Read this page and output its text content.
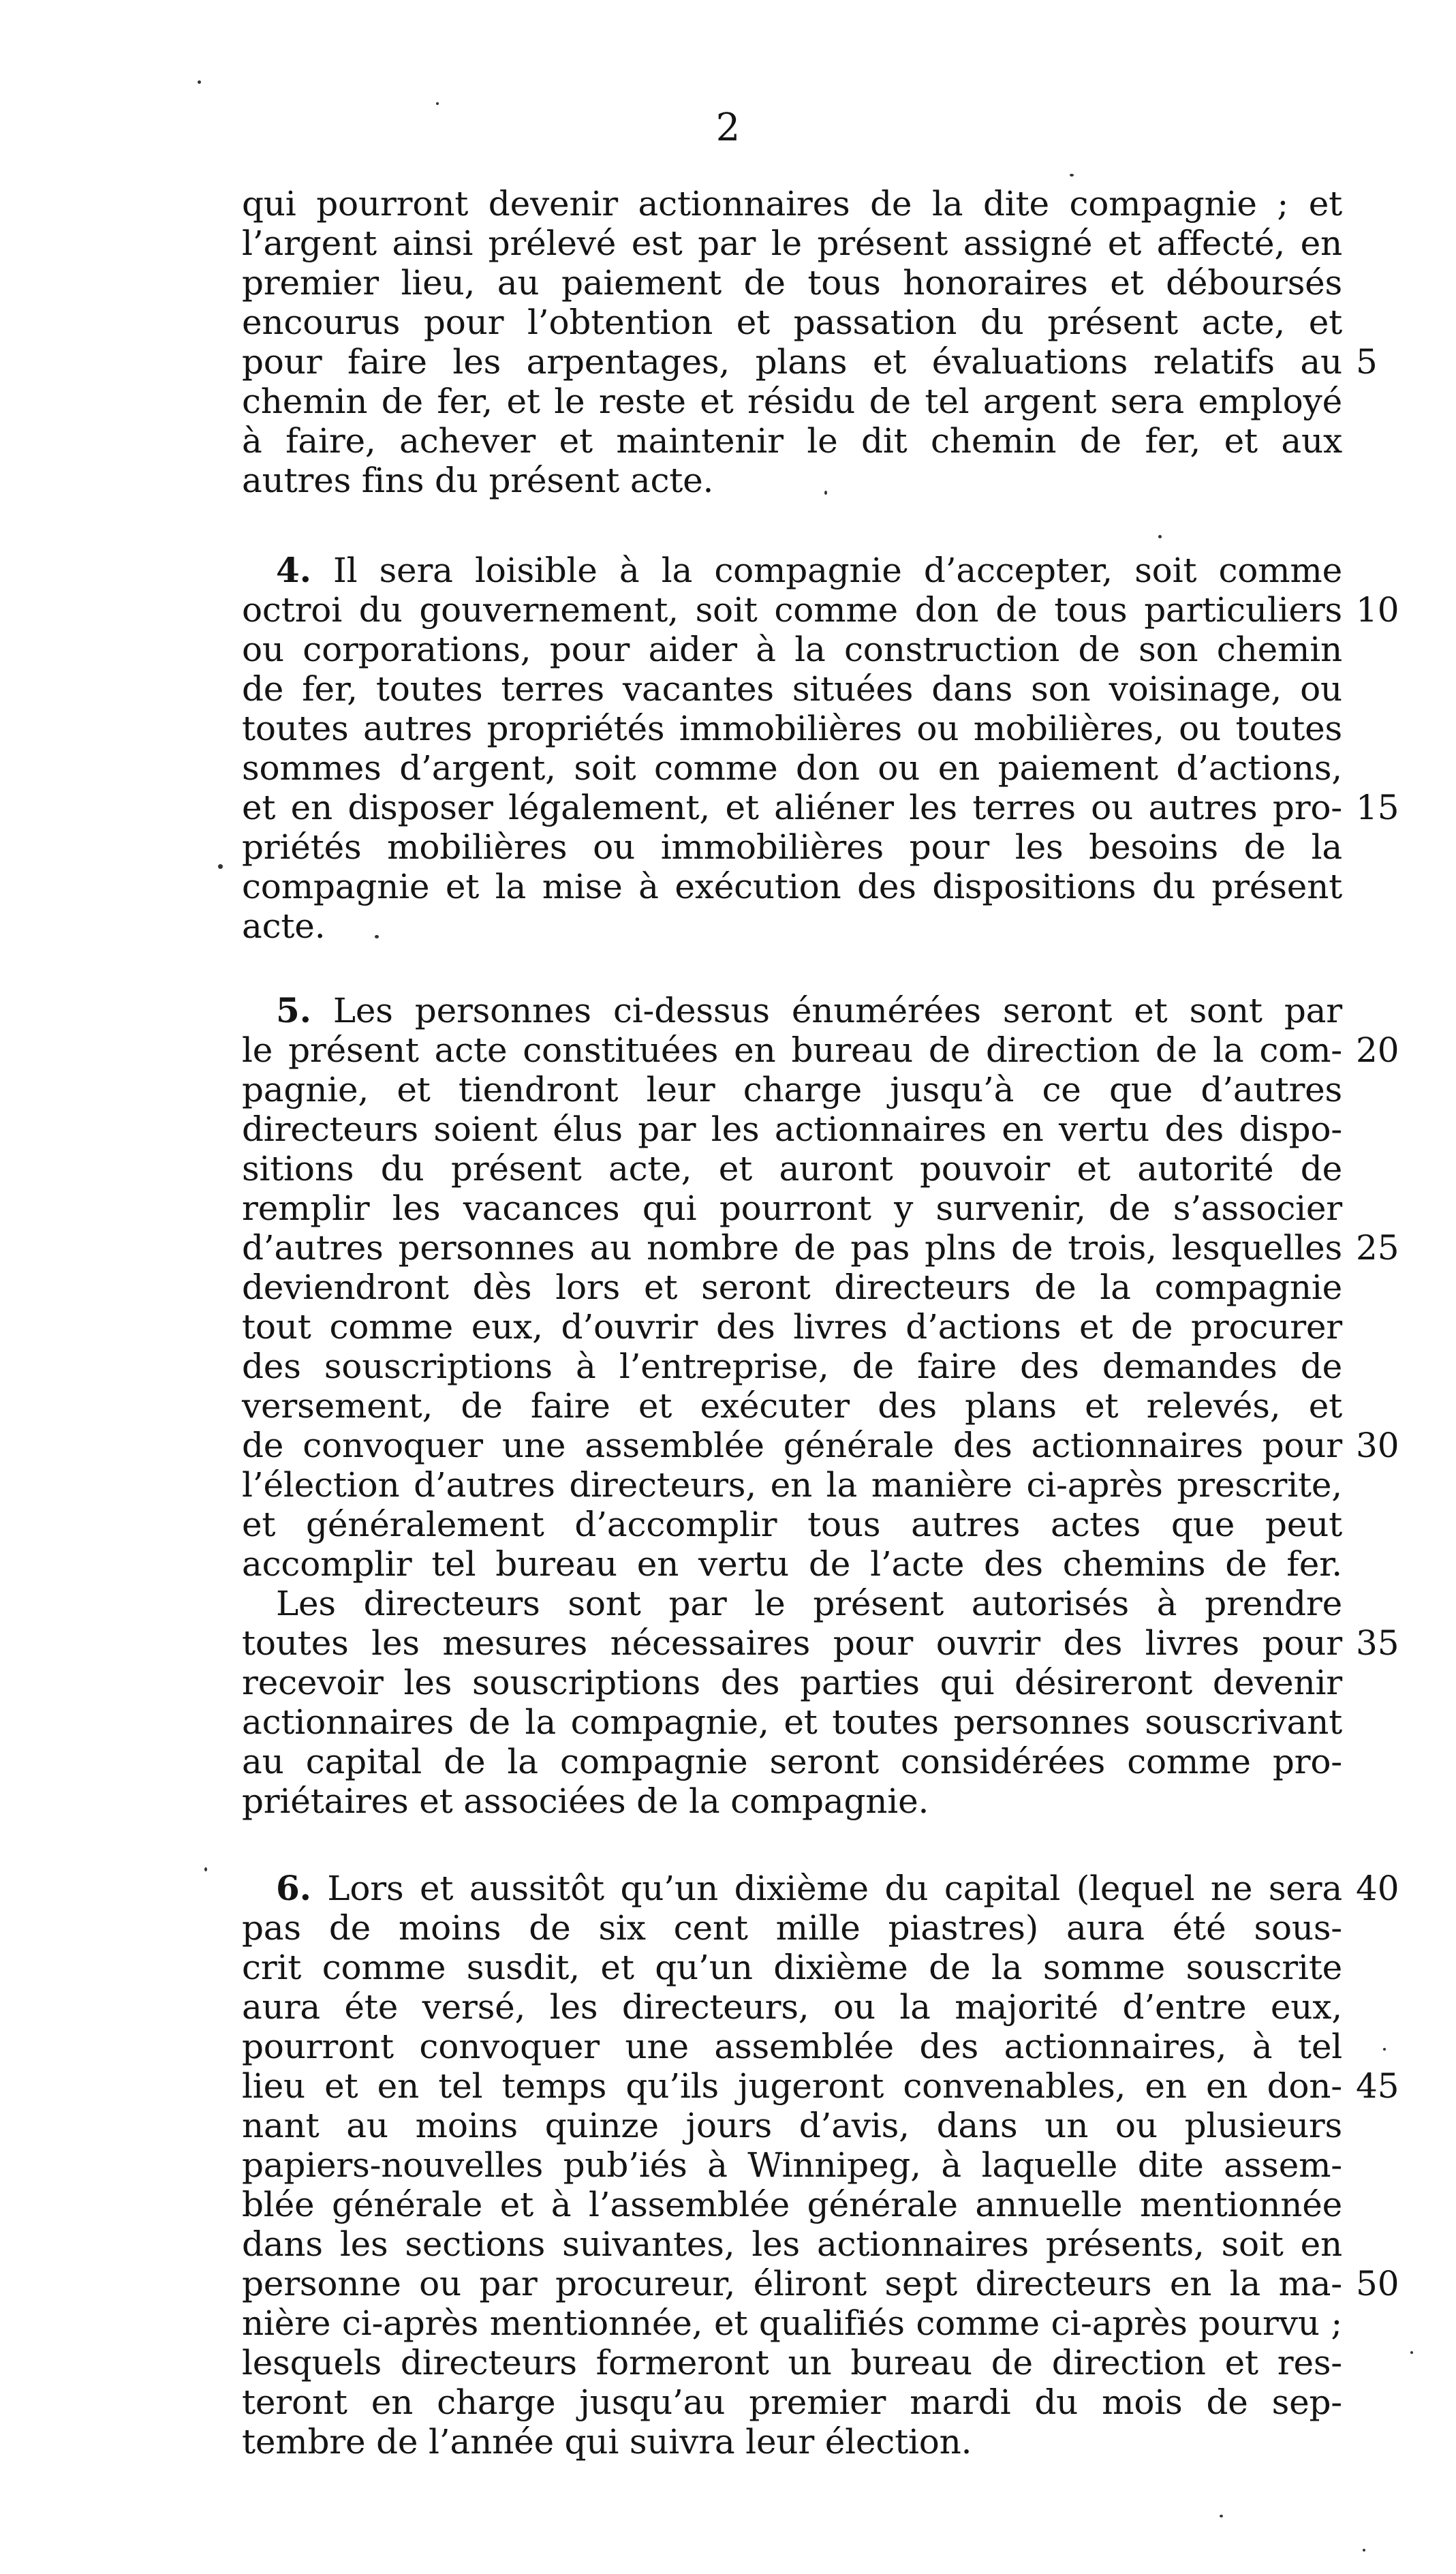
2
qui pourront devenir actionnaires de la dite compagnie ; et
l’argent ainsi prélevé est par le présent assigné et affecté, en
premier lieu, au paiement de tous honoraires et déboursés
encourus pour l’obtention et passation du présent acte, et
pour faire les arpentages, plans et évaluations relatifs au 5
chemin de fer, et le reste et résidu de tel argent sera employé
à faire, achever et maintenir le dit chemin de fer, et aux
autres fins du présent acte.
4. Il sera loisible à la compagnie d’accepter, soit comme
octroi du gouvernement, soit comme don de tous particuliers 10
ou corporations, pour aider à la construction de son chemin
de fer, toutes terres vacantes situées dans son voisinage, ou
toutes autres propriétés immobilières ou mobilières, ou toutes
sommes d’argent, soit comme don ou en paiement d’actions,
et en disposer légalement, et aliéner les terres ou autres pro- 15
priétés mobilières ou immobilières pour les besoins de la
compagnie et la mise à exécution des dispositions du présent
acte.
5. Les personnes ci-dessus énumérées seront et sont par
le présent acte constituées en bureau de direction de la com- 20
pagnie, et tiendront leur charge jusqu’à ce que d’autres
directeurs soient élus par les actionnaires en vertu des dispo-
sitions du présent acte, et auront pouvoir et autorité de
remplir les vacances qui pourront y survenir, de s’associer
d’autres personnes au nombre de pas plns de trois, lesquelles 25
deviendront dès lors et seront directeurs de la compagnie
tout comme eux, d’ouvrir des livres d’actions et de procurer
des souscriptions à l’entreprise, de faire des demandes de
versement, de faire et exécuter des plans et relevés, et
de convoquer une assemblée générale des actionnaires pour 30
l’élection d’autres directeurs, en la manière ci-après prescrite,
et généralement d’accomplir tous autres actes que peut
accomplir tel bureau en vertu de l’acte des chemins de fer.
Les directeurs sont par le présent autorisés à prendre
toutes les mesures nécessaires pour ouvrir des livres pour 35
recevoir les souscriptions des parties qui désireront devenir
actionnaires de la compagnie, et toutes personnes souscrivant
au capital de la compagnie seront considérées comme pro-
priétaires et associées de la compagnie.
6. Lors et aussitôt qu’un dixième du capital (lequel ne sera 40
pas de moins de six cent mille piastres) aura été sous-
crit comme susdit, et qu’un dixième de la somme souscrite
aura éte versé, les directeurs, ou la majorité d’entre eux,
pourront convoquer une assemblée des actionnaires, à tel
lieu et en tel temps qu’ils jugeront convenables, en en don- 45
nant au moins quinze jours d’avis, dans un ou plusieurs
papiers-nouvelles pub’iés à Winnipeg, à laquelle dite assem-
blée générale et à l’assemblée générale annuelle mentionnée
dans les sections suivantes, les actionnaires présents, soit en
personne ou par procureur, éliront sept directeurs en la ma- 50
nière ci-après mentionnée, et qualifiés comme ci-après pourvu ;
lesquels directeurs formeront un bureau de direction et res-
teront en charge jusqu’au premier mardi du mois de sep-
tembre de l’année qui suivra leur élection.
